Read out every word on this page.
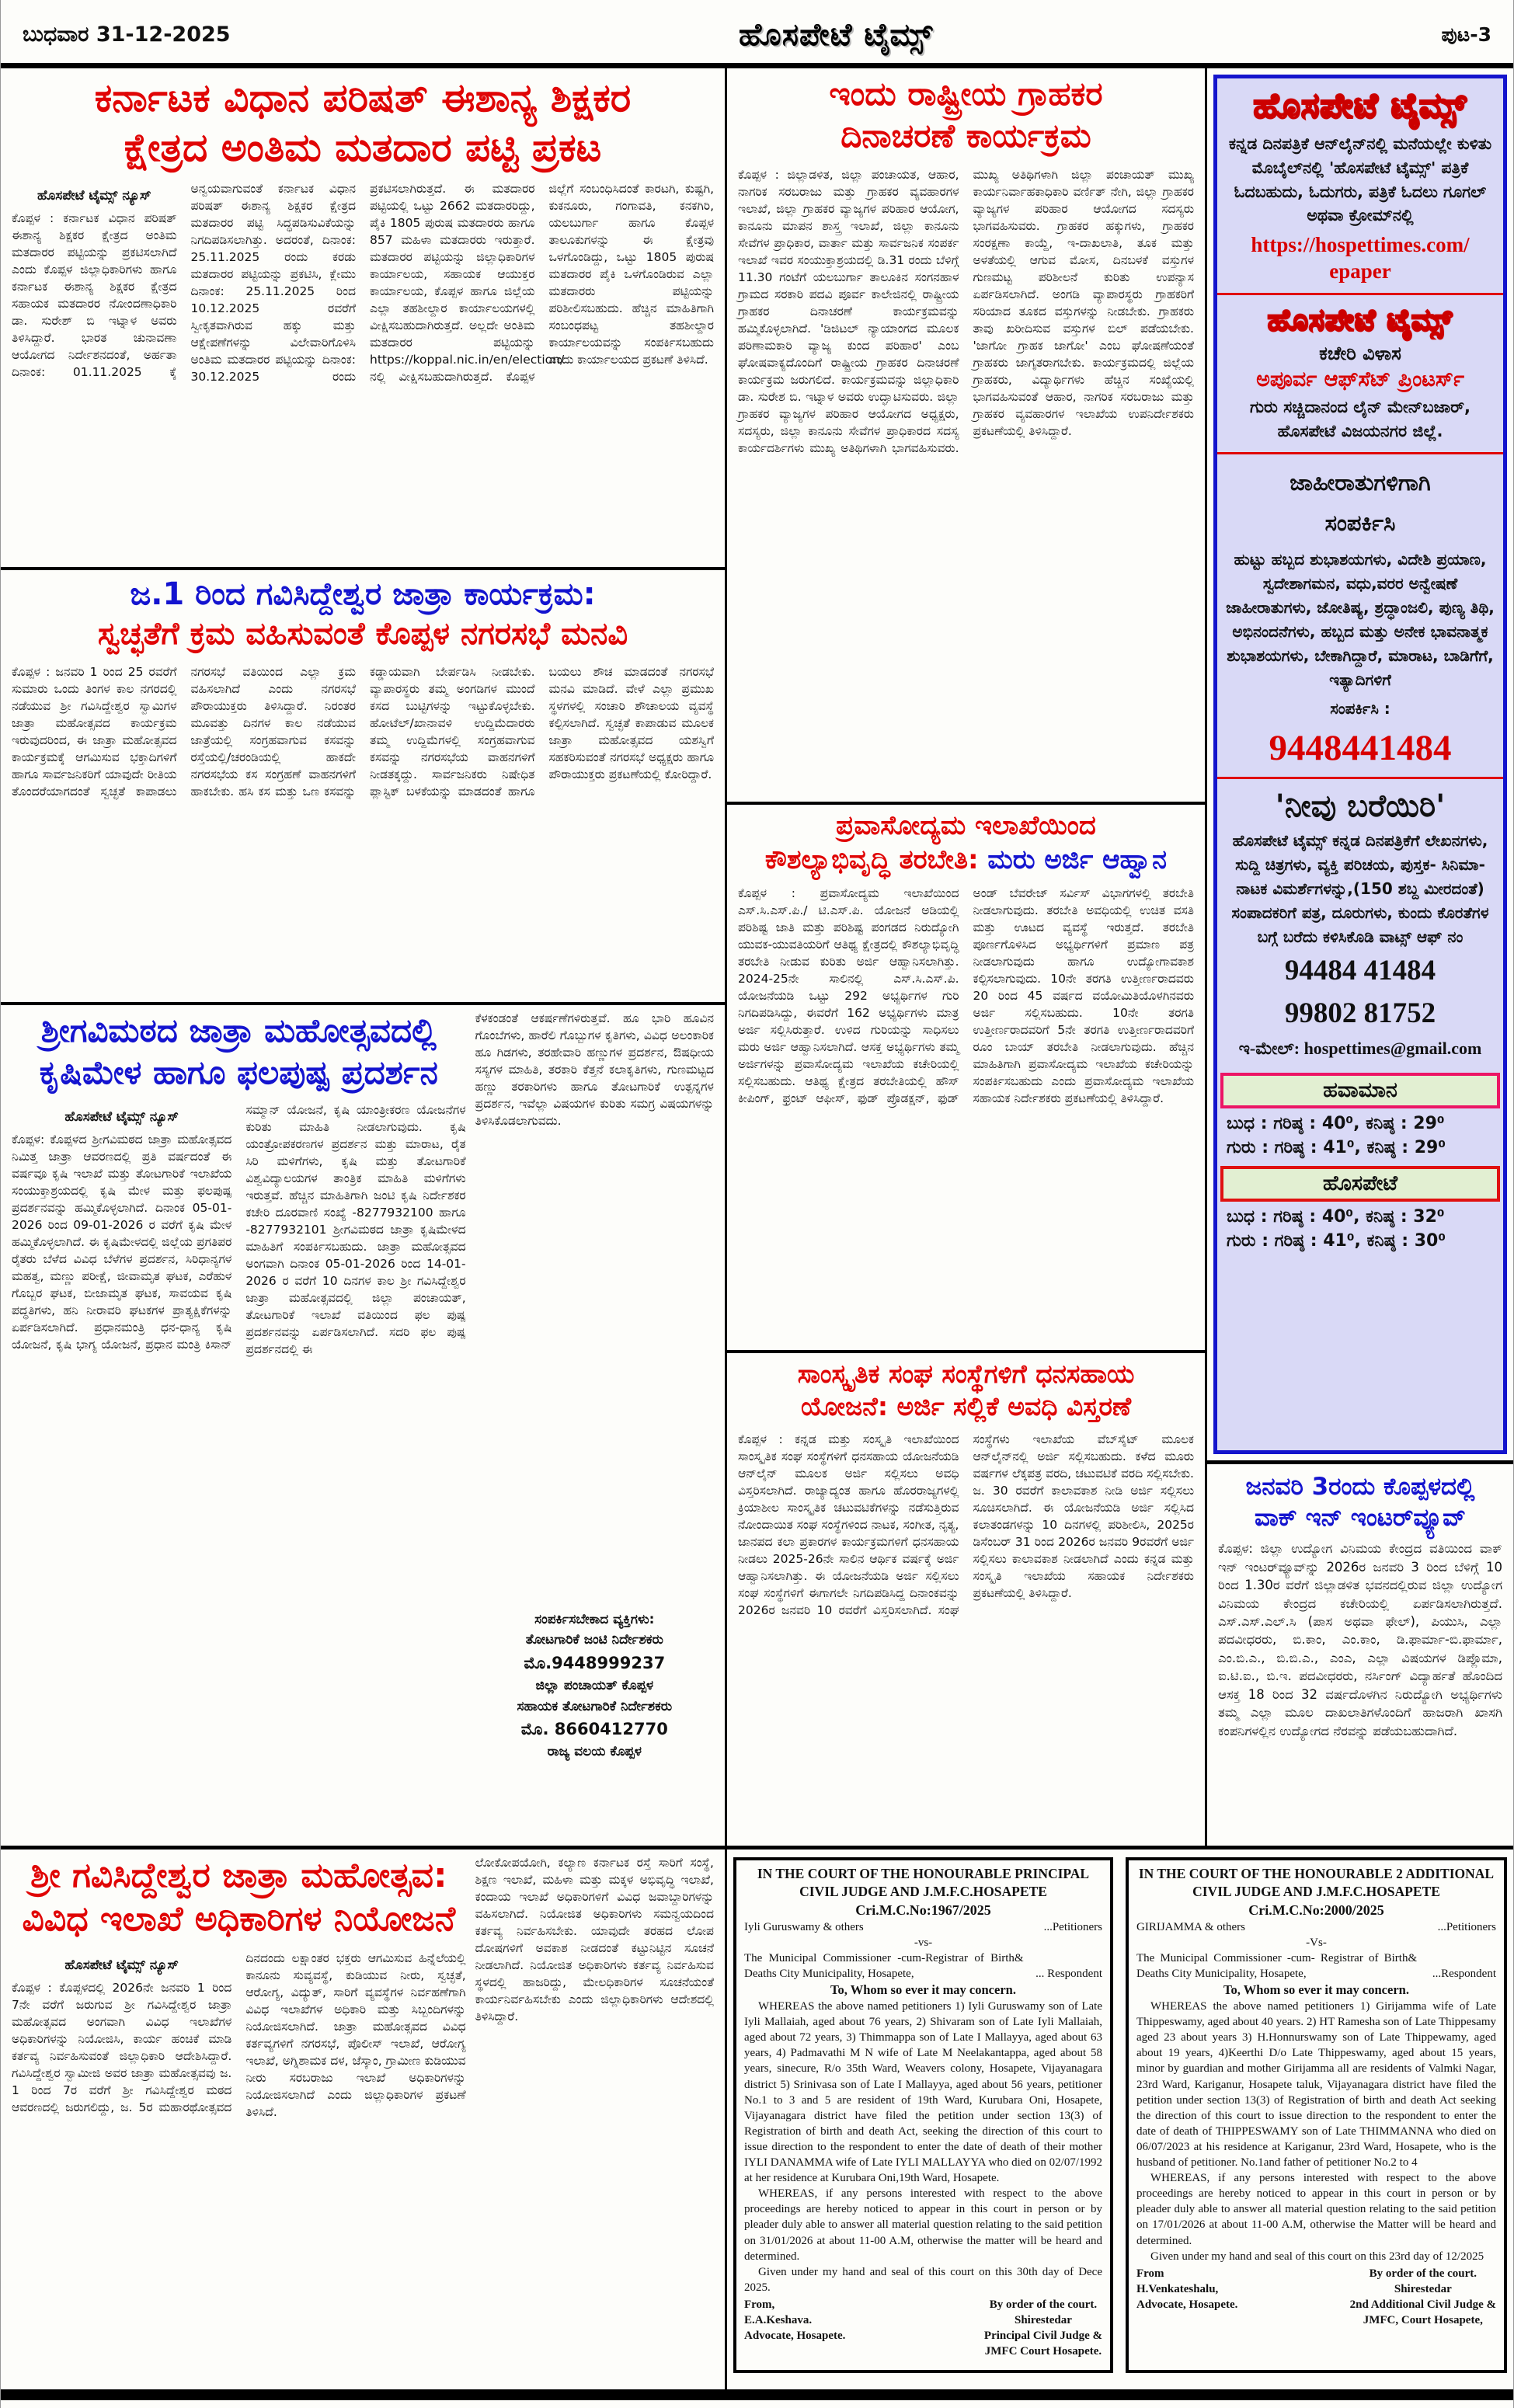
ಬುಧವಾರ 31-12-2025	ಹೊಸಪೇಟೆ ಟೈಮ್ಸ್	ಪುಟ-3
ಕರ್ನಾಟಕ ವಿಧಾನ ಪರಿಷತ್ ಈಶಾನ್ಯ ಶಿಕ್ಷಕರ
ಕ್ಷೇತ್ರದ ಅಂತಿಮ ಮತದಾರ ಪಟ್ಟಿ ಪ್ರಕಟ
ಹೊಸಪೇಟೆ ಟೈಮ್ಸ್ ನ್ಯೂಸ್
ಕೊಪ್ಪಳ : ಕರ್ನಾಟಕ ವಿಧಾನ ಪರಿಷತ್ ಈಶಾನ್ಯ ಶಿಕ್ಷಕರ ಕ್ಷೇತ್ರದ ಅಂತಿಮ ಮತದಾರರ ಪಟ್ಟಿಯನ್ನು ಪ್ರಕಟಿಸಲಾಗಿದೆ ಎಂದು ಕೊಪ್ಪಳ ಜಿಲ್ಲಾಧಿಕಾರಿಗಳು ಹಾಗೂ ಕರ್ನಾಟಕ ಈಶಾನ್ಯ ಶಿಕ್ಷಕರ ಕ್ಷೇತ್ರದ ಸಹಾಯಕ ಮತದಾರರ ನೋಂದಣಾಧಿಕಾರಿ ಡಾ. ಸುರೇಶ್ ಬಿ ಇಟ್ನಾಳ ಅವರು ತಿಳಿಸಿದ್ದಾರೆ. ಭಾರತ ಚುನಾವಣಾ ಆಯೋಗದ ನಿರ್ದೇಶನದಂತೆ, ಅರ್ಹತಾ ದಿನಾಂಕ: 01.11.2025 ಕ್ಕೆ ಅನ್ವಯವಾಗುವಂತೆ ಕರ್ನಾಟಕ ವಿಧಾನ ಪರಿಷತ್ ಈಶಾನ್ಯ ಶಿಕ್ಷಕರ ಕ್ಷೇತ್ರದ ಮತದಾರರ ಪಟ್ಟಿ ಸಿದ್ಧಪಡಿಸುವಿಕೆಯನ್ನು ನಿಗದಿಪಡಿಸಲಾಗಿತ್ತು. ಅದರಂತೆ, ದಿನಾಂಕ: 25.11.2025 ರಂದು ಕರಡು ಮತದಾರರ ಪಟ್ಟಿಯನ್ನು ಪ್ರಕಟಿಸಿ, ಕ್ಲೇಮು ದಿನಾಂಕ: 25.11.2025 ರಿಂದ 10.12.2025 ರವರೆಗೆ ಸ್ವೀಕೃತವಾಗಿರುವ ಹಕ್ಕು ಮತ್ತು ಆಕ್ಷೇಪಣೆಗಳನ್ನು ವಿಲೇವಾರಿಗೊಳಿಸಿ ಅಂತಿಮ ಮತದಾರರ ಪಟ್ಟಿಯನ್ನು ದಿನಾಂಕ: 30.12.2025 ರಂದು ಪ್ರಕಟಿಸಲಾಗಿರುತ್ತದೆ. ಈ ಮತದಾರರ ಪಟ್ಟಿಯಲ್ಲಿ ಒಟ್ಟು 2662 ಮತದಾರರಿದ್ದು, ಪೈಕಿ 1805 ಪುರುಷ ಮತದಾರರು ಹಾಗೂ 857 ಮಹಿಳಾ ಮತದಾರರು ಇರುತ್ತಾರೆ. ಮತದಾರರ ಪಟ್ಟಿಯನ್ನು ಜಿಲ್ಲಾಧಿಕಾರಿಗಳ ಕಾರ್ಯಾಲಯ, ಸಹಾಯಕ ಆಯುಕ್ತರ ಕಾರ್ಯಾಲಯ, ಕೊಪ್ಪಳ ಹಾಗೂ ಜಿಲ್ಲೆಯ ಎಲ್ಲಾ ತಹಶೀಲ್ದಾರ ಕಾರ್ಯಾಲಯಗಳಲ್ಲಿ ವೀಕ್ಷಿಸಬಹುದಾಗಿರುತ್ತದೆ. ಅಲ್ಲದೇ ಅಂತಿಮ ಮತದಾರರ ಪಟ್ಟಿಯನ್ನು https://koppal.nic.in/en/election/ ನಲ್ಲಿ ವೀಕ್ಷಿಸಬಹುದಾಗಿರುತ್ತದೆ. ಕೊಪ್ಪಳ ಜಿಲ್ಲೆಗೆ ಸಂಬಂಧಿಸಿದಂತೆ ಕಾರಟಗಿ, ಕುಷ್ಟಗಿ, ಕುಕನೂರು, ಗಂಗಾವತಿ, ಕನಕಗಿರಿ, ಯಲಬುರ್ಗಾ ಹಾಗೂ ಕೊಪ್ಪಳ ತಾಲೂಕುಗಳನ್ನು ಈ ಕ್ಷೇತ್ರವು ಒಳಗೊಂಡಿದ್ದು, ಒಟ್ಟು 1805 ಪುರುಷ ಮತದಾರರ ಪೈಕಿ ಒಳಗೊಂಡಿರುವ ಎಲ್ಲಾ ಮತದಾರರು ಪಟ್ಟಿಯನ್ನು ಪರಿಶೀಲಿಸಬಹುದು. ಹೆಚ್ಚಿನ ಮಾಹಿತಿಗಾಗಿ ಸಂಬಂಧಪಟ್ಟ ತಹಶೀಲ್ದಾರ ಕಾರ್ಯಾಲಯವನ್ನು ಸಂಪರ್ಕಿಸಬಹುದು ಎಂದು ಕಾರ್ಯಾಲಯದ ಪ್ರಕಟಣೆ ತಿಳಿಸಿದೆ.
ಜ.1 ರಿಂದ ಗವಿಸಿದ್ದೇಶ್ವರ ಜಾತ್ರಾ ಕಾರ್ಯಕ್ರಮ:
ಸ್ವಚ್ಛತೆಗೆ ಕ್ರಮ ವಹಿಸುವಂತೆ ಕೊಪ್ಪಳ ನಗರಸಭೆ ಮನವಿ
ಕೊಪ್ಪಳ : ಜನವರಿ 1 ರಿಂದ 25 ರವರೆಗೆ ಸುಮಾರು ಒಂದು ತಿಂಗಳ ಕಾಲ ನಗರದಲ್ಲಿ ನಡೆಯುವ ಶ್ರೀ ಗವಿಸಿದ್ದೇಶ್ವರ ಸ್ವಾಮಿಗಳ ಜಾತ್ರಾ ಮಹೋತ್ಸವದ ಕಾರ್ಯಕ್ರಮ ಇರುವುದರಿಂದ, ಈ ಜಾತ್ರಾ ಮಹೋತ್ಸವದ ಕಾರ್ಯಕ್ರಮಕ್ಕೆ ಆಗಮಿಸುವ ಭಕ್ತಾದಿಗಳಿಗೆ ಹಾಗೂ ಸಾರ್ವಜನಿಕರಿಗೆ ಯಾವುದೇ ರೀತಿಯ ತೊಂದರೆಯಾಗದಂತೆ ಸ್ವಚ್ಛತೆ ಕಾಪಾಡಲು ನಗರಸಭೆ ವತಿಯಿಂದ ಎಲ್ಲಾ ಕ್ರಮ ವಹಿಸಲಾಗಿದೆ ಎಂದು ನಗರಸಭೆ ಪೌರಾಯುಕ್ತರು ತಿಳಿಸಿದ್ದಾರೆ. ನಿರಂತರ ಮೂವತ್ತು ದಿನಗಳ ಕಾಲ ನಡೆಯುವ ಜಾತ್ರೆಯಲ್ಲಿ ಸಂಗ್ರಹವಾಗುವ ಕಸವನ್ನು ರಸ್ತೆಯಲ್ಲಿ/ಚರಂಡಿಯಲ್ಲಿ ಹಾಕದೇ ನಗರಸಭೆಯ ಕಸ ಸಂಗ್ರಹಣೆ ವಾಹನಗಳಿಗೆ ಹಾಕಬೇಕು. ಹಸಿ ಕಸ ಮತ್ತು ಒಣ ಕಸವನ್ನು ಕಡ್ಡಾಯವಾಗಿ ಬೇರ್ಪಡಿಸಿ ನೀಡಬೇಕು. ವ್ಯಾಪಾರಸ್ಥರು ತಮ್ಮ ಅಂಗಡಿಗಳ ಮುಂದೆ ಕಸದ ಬುಟ್ಟಿಗಳನ್ನು ಇಟ್ಟುಕೊಳ್ಳಬೇಕು. ಹೋಟೆಲ್/ಖಾನಾವಳಿ ಉದ್ದಿಮೆದಾರರು ತಮ್ಮ ಉದ್ದಿಮೆಗಳಲ್ಲಿ ಸಂಗ್ರಹವಾಗುವ ಕಸವನ್ನು ನಗರಸಭೆಯ ವಾಹನಗಳಿಗೆ ನೀಡತಕ್ಕದ್ದು. ಸಾರ್ವಜನಿಕರು ನಿಷೇಧಿತ ಪ್ಲಾಸ್ಟಿಕ್ ಬಳಕೆಯನ್ನು ಮಾಡದಂತೆ ಹಾಗೂ ಬಯಲು ಶೌಚ ಮಾಡದಂತೆ ನಗರಸಭೆ ಮನವಿ ಮಾಡಿದೆ. ವೇಳೆ ಎಲ್ಲಾ ಪ್ರಮುಖ ಸ್ಥಳಗಳಲ್ಲಿ ಸಂಚಾರಿ ಶೌಚಾಲಯ ವ್ಯವಸ್ಥೆ ಕಲ್ಪಿಸಲಾಗಿದೆ. ಸ್ವಚ್ಛತೆ ಕಾಪಾಡುವ ಮೂಲಕ ಜಾತ್ರಾ ಮಹೋತ್ಸವದ ಯಶಸ್ವಿಗೆ ಸಹಕರಿಸುವಂತೆ ನಗರಸಭೆ ಅಧ್ಯಕ್ಷರು ಹಾಗೂ ಪೌರಾಯುಕ್ತರು ಪ್ರಕಟಣೆಯಲ್ಲಿ ಕೋರಿದ್ದಾರೆ.
ಶ್ರೀಗವಿಮಠದ ಜಾತ್ರಾ ಮಹೋತ್ಸವದಲ್ಲಿ
ಕೃಷಿಮೇಳ ಹಾಗೂ ಫಲಪುಷ್ಪ ಪ್ರದರ್ಶನ
ಹೊಸಪೇಟೆ ಟೈಮ್ಸ್ ನ್ಯೂಸ್
ಕೊಪ್ಪಳ: ಕೊಪ್ಪಳದ ಶ್ರೀಗವಿಮಠದ ಜಾತ್ರಾ ಮಹೋತ್ಸವದ ನಿಮಿತ್ತ ಜಾತ್ರಾ ಆವರಣದಲ್ಲಿ ಪ್ರತಿ ವರ್ಷದಂತೆ ಈ ವರ್ಷವೂ ಕೃಷಿ ಇಲಾಖೆ ಮತ್ತು ತೋಟಗಾರಿಕೆ ಇಲಾಖೆಯ ಸಂಯುಕ್ತಾಶ್ರಯದಲ್ಲಿ ಕೃಷಿ ಮೇಳ ಮತ್ತು ಫಲಪುಷ್ಪ ಪ್ರದರ್ಶನವನ್ನು ಹಮ್ಮಿಕೊಳ್ಳಲಾಗಿದೆ. ದಿನಾಂಕ 05-01-2026 ರಿಂದ 09-01-2026 ರ ವರೆಗೆ ಕೃಷಿ ಮೇಳ ಹಮ್ಮಿಕೊಳ್ಳಲಾಗಿದೆ. ಈ ಕೃಷಿಮೇಳದಲ್ಲಿ ಜಿಲ್ಲೆಯ ಪ್ರಗತಿಪರ ರೈತರು ಬೆಳೆದ ವಿವಿಧ ಬೆಳೆಗಳ ಪ್ರದರ್ಶನ, ಸಿರಿಧಾನ್ಯಗಳ ಮಹತ್ವ, ಮಣ್ಣು ಪರೀಕ್ಷೆ, ಜೀವಾಮೃತ ಘಟಕ, ಎರೆಹುಳ ಗೊಬ್ಬರ ಘಟಕ, ಬೀಜಾಮೃತ ಘಟಕ, ಸಾವಯವ ಕೃಷಿ ಪದ್ಧತಿಗಳು, ಹನಿ ನೀರಾವರಿ ಘಟಕಗಳ ಪ್ರಾತ್ಯಕ್ಷಿಕೆಗಳನ್ನು ಏರ್ಪಡಿಸಲಾಗಿದೆ. ಪ್ರಧಾನಮಂತ್ರಿ ಧನ-ಧಾನ್ಯ ಕೃಷಿ ಯೋಜನೆ, ಕೃಷಿ ಭಾಗ್ಯ ಯೋಜನೆ, ಪ್ರಧಾನ ಮಂತ್ರಿ ಕಿಸಾನ್ ಸಮ್ಮಾನ್ ಯೋಜನೆ, ಕೃಷಿ ಯಾಂತ್ರೀಕರಣ ಯೋಜನೆಗಳ ಕುರಿತು ಮಾಹಿತಿ ನೀಡಲಾಗುವುದು. ಕೃಷಿ ಯಂತ್ರೋಪಕರಣಗಳ ಪ್ರದರ್ಶನ ಮತ್ತು ಮಾರಾಟ, ರೈತ ಸಿರಿ ಮಳಿಗೆಗಳು, ಕೃಷಿ ಮತ್ತು ತೋಟಗಾರಿಕೆ ವಿಶ್ವವಿದ್ಯಾಲಯಗಳ ತಾಂತ್ರಿಕ ಮಾಹಿತಿ ಮಳಿಗೆಗಳು ಇರುತ್ತವೆ. ಹೆಚ್ಚಿನ ಮಾಹಿತಿಗಾಗಿ ಜಂಟಿ ಕೃಷಿ ನಿರ್ದೇಶಕರ ಕಚೇರಿ ದೂರವಾಣಿ ಸಂಖ್ಯೆ -8277932100 ಹಾಗೂ -8277932101 ಶ್ರೀಗವಿಮಠದ ಜಾತ್ರಾ ಕೃಷಿಮೇಳದ ಮಾಹಿತಿಗೆ ಸಂಪರ್ಕಿಸಬಹುದು. ಜಾತ್ರಾ ಮಹೋತ್ಸವದ ಅಂಗವಾಗಿ ದಿನಾಂಕ 05-01-2026 ರಿಂದ 14-01-2026 ರ ವರೆಗೆ 10 ದಿನಗಳ ಕಾಲ ಶ್ರೀ ಗವಿಸಿದ್ದೇಶ್ವರ ಜಾತ್ರಾ ಮಹೋತ್ಸವದಲ್ಲಿ ಜಿಲ್ಲಾ ಪಂಚಾಯತ್, ತೋಟಗಾರಿಕೆ ಇಲಾಖೆ ವತಿಯಿಂದ ಫಲ ಪುಷ್ಪ ಪ್ರದರ್ಶನವನ್ನು ಏರ್ಪಡಿಸಲಾಗಿದೆ. ಸದರಿ ಫಲ ಪುಷ್ಪ ಪ್ರದರ್ಶನದಲ್ಲಿ ಈ
ಕೆಳಕಂಡಂತೆ ಆಕರ್ಷಣೆಗಳಿರುತ್ತವೆ. ಹೂ ಭಾರಿ ಹೂವಿನ ಗೊಂಬೆಗಳು, ಹಾರೆಲಿ ಗೊಬ್ಬುಗಳ ಕೃತಿಗಳು, ವಿವಿಧ ಅಲಂಕಾರಿಕ ಹೂ ಗಿಡಗಳು, ತರಹೇವಾರಿ ಹಣ್ಣುಗಳ ಪ್ರದರ್ಶನ, ಔಷಧೀಯ ಸಸ್ಯಗಳ ಮಾಹಿತಿ, ತರಕಾರಿ ಕೆತ್ತನೆ ಕಲಾಕೃತಿಗಳು, ಗುಣಮಟ್ಟದ ಹಣ್ಣು ತರಕಾರಿಗಳು ಹಾಗೂ ತೋಟಗಾರಿಕೆ ಉತ್ಪನ್ನಗಳ ಪ್ರದರ್ಶನ, ಇವೆಲ್ಲಾ ವಿಷಯಗಳ ಕುರಿತು ಸಮಗ್ರ ವಿಷಯಗಳನ್ನು ತಿಳಿಸಿಕೊಡಲಾಗುವದು.
ಸಂಪರ್ಕಿಸಬೇಕಾದ ವ್ಯಕ್ತಿಗಳು:
ತೋಟಗಾರಿಕೆ ಜಂಟಿ ನಿರ್ದೇಶಕರು
ಮೊ.9448999237
ಜಿಲ್ಲಾ ಪಂಚಾಯತ್ ಕೊಪ್ಪಳ
ಸಹಾಯಕ ತೋಟಗಾರಿಕೆ ನಿರ್ದೇಶಕರು
ಮೊ. 8660412770
ರಾಜ್ಯ ವಲಯ ಕೊಪ್ಪಳ
ಇಂದು ರಾಷ್ಟ್ರೀಯ ಗ್ರಾಹಕರ
ದಿನಾಚರಣೆ ಕಾರ್ಯಕ್ರಮ
ಕೊಪ್ಪಳ : ಜಿಲ್ಲಾಡಳಿತ, ಜಿಲ್ಲಾ ಪಂಚಾಯತ, ಆಹಾರ, ನಾಗರಿಕ ಸರಬರಾಜು ಮತ್ತು ಗ್ರಾಹಕರ ವ್ಯವಹಾರಗಳ ಇಲಾಖೆ, ಜಿಲ್ಲಾ ಗ್ರಾಹಕರ ವ್ಯಾಜ್ಯಗಳ ಪರಿಹಾರ ಆಯೋಗ, ಕಾನೂನು ಮಾಪನ ಶಾಸ್ತ್ರ ಇಲಾಖೆ, ಜಿಲ್ಲಾ ಕಾನೂನು ಸೇವೆಗಳ ಪ್ರಾಧಿಕಾರ, ವಾರ್ತಾ ಮತ್ತು ಸಾರ್ವಜನಿಕ ಸಂಪರ್ಕ ಇಲಾಖೆ ಇವರ ಸಂಯುಕ್ತಾಶ್ರಯದಲ್ಲಿ ಡಿ.31 ರಂದು ಬೆಳಿಗ್ಗೆ 11.30 ಗಂಟೆಗೆ ಯಲಬುರ್ಗಾ ತಾಲೂಕಿನ ಸಂಗನಹಾಳ ಗ್ರಾಮದ ಸರಕಾರಿ ಪದವಿ ಪೂರ್ವ ಕಾಲೇಜಿನಲ್ಲಿ ರಾಷ್ಟ್ರೀಯ ಗ್ರಾಹಕರ ದಿನಾಚರಣೆ ಕಾರ್ಯಕ್ರಮವನ್ನು ಹಮ್ಮಿಕೊಳ್ಳಲಾಗಿದೆ. 'ಡಿಜಿಟಲ್ ನ್ಯಾಯಾಂಗದ ಮೂಲಕ ಪರಿಣಾಮಕಾರಿ ವ್ಯಾಜ್ಯ ಕುಂದ ಪರಿಹಾರ' ಎಂಬ ಘೋಷವಾಕ್ಯದೊಂದಿಗೆ ರಾಷ್ಟ್ರೀಯ ಗ್ರಾಹಕರ ದಿನಾಚರಣೆ ಕಾರ್ಯಕ್ರಮ ಜರುಗಲಿದೆ. ಕಾರ್ಯಕ್ರಮವನ್ನು ಜಿಲ್ಲಾಧಿಕಾರಿ ಡಾ. ಸುರೇಶ ಬಿ. ಇಟ್ನಾಳ ಅವರು ಉದ್ಘಾಟಿಸುವರು. ಜಿಲ್ಲಾ ಗ್ರಾಹಕರ ವ್ಯಾಜ್ಯಗಳ ಪರಿಹಾರ ಆಯೋಗದ ಅಧ್ಯಕ್ಷರು, ಸದಸ್ಯರು, ಜಿಲ್ಲಾ ಕಾನೂನು ಸೇವೆಗಳ ಪ್ರಾಧಿಕಾರದ ಸದಸ್ಯ ಕಾರ್ಯದರ್ಶಿಗಳು ಮುಖ್ಯ ಅತಿಥಿಗಳಾಗಿ ಭಾಗವಹಿಸುವರು. ಮುಖ್ಯ ಅತಿಥಿಗಳಾಗಿ ಜಿಲ್ಲಾ ಪಂಚಾಯತ್ ಮುಖ್ಯ ಕಾರ್ಯನಿರ್ವಾಹಕಾಧಿಕಾರಿ ವರ್ಣಿತ್ ನೇಗಿ, ಜಿಲ್ಲಾ ಗ್ರಾಹಕರ ವ್ಯಾಜ್ಯಗಳ ಪರಿಹಾರ ಆಯೋಗದ ಸದಸ್ಯರು ಭಾಗವಹಿಸುವರು. ಗ್ರಾಹಕರ ಹಕ್ಕುಗಳು, ಗ್ರಾಹಕರ ಸಂರಕ್ಷಣಾ ಕಾಯ್ದೆ, ಇ-ದಾಖಲಾತಿ, ತೂಕ ಮತ್ತು ಅಳತೆಯಲ್ಲಿ ಆಗುವ ಮೋಸ, ದಿನಬಳಕೆ ವಸ್ತುಗಳ ಗುಣಮಟ್ಟ ಪರಿಶೀಲನೆ ಕುರಿತು ಉಪನ್ಯಾಸ ಏರ್ಪಡಿಸಲಾಗಿದೆ. ಅಂಗಡಿ ವ್ಯಾಪಾರಸ್ಥರು ಗ್ರಾಹಕರಿಗೆ ಸರಿಯಾದ ತೂಕದ ವಸ್ತುಗಳನ್ನು ನೀಡಬೇಕು. ಗ್ರಾಹಕರು ತಾವು ಖರೀದಿಸುವ ವಸ್ತುಗಳ ಬಿಲ್ ಪಡೆಯಬೇಕು. 'ಜಾಗೋ ಗ್ರಾಹಕ ಜಾಗೋ' ಎಂಬ ಘೋಷಣೆಯಂತೆ ಗ್ರಾಹಕರು ಜಾಗೃತರಾಗಬೇಕು. ಕಾರ್ಯಕ್ರಮದಲ್ಲಿ ಜಿಲ್ಲೆಯ ಗ್ರಾಹಕರು, ವಿದ್ಯಾರ್ಥಿಗಳು ಹೆಚ್ಚಿನ ಸಂಖ್ಯೆಯಲ್ಲಿ ಭಾಗವಹಿಸುವಂತೆ ಆಹಾರ, ನಾಗರಿಕ ಸರಬರಾಜು ಮತ್ತು ಗ್ರಾಹಕರ ವ್ಯವಹಾರಗಳ ಇಲಾಖೆಯ ಉಪನಿರ್ದೇಶಕರು ಪ್ರಕಟಣೆಯಲ್ಲಿ ತಿಳಿಸಿದ್ದಾರೆ.
ಪ್ರವಾಸೋದ್ಯಮ ಇಲಾಖೆಯಿಂದ
ಕೌಶಲ್ಯಾಭಿವೃದ್ಧಿ ತರಬೇತಿ: ಮರು ಅರ್ಜಿ ಆಹ್ವಾನ
ಕೊಪ್ಪಳ : ಪ್ರವಾಸೋದ್ಯಮ ಇಲಾಖೆಯಿಂದ ಎಸ್.ಸಿ.ಎಸ್.ಪಿ./ ಟಿ.ಎಸ್.ಪಿ. ಯೋಜನೆ ಅಡಿಯಲ್ಲಿ ಪರಿಶಿಷ್ಟ ಜಾತಿ ಮತ್ತು ಪರಿಶಿಷ್ಟ ಪಂಗಡದ ನಿರುದ್ಯೋಗಿ ಯುವಕ-ಯುವತಿಯರಿಗೆ ಆತಿಥ್ಯ ಕ್ಷೇತ್ರದಲ್ಲಿ ಕೌಶಲ್ಯಾಭಿವೃದ್ಧಿ ತರಬೇತಿ ನೀಡುವ ಕುರಿತು ಅರ್ಜಿ ಆಹ್ವಾನಿಸಲಾಗಿತ್ತು. 2024-25ನೇ ಸಾಲಿನಲ್ಲಿ ಎಸ್.ಸಿ.ಎಸ್.ಪಿ. ಯೋಜನೆಯಡಿ ಒಟ್ಟು 292 ಅಭ್ಯರ್ಥಿಗಳ ಗುರಿ ನಿಗದಿಪಡಿಸಿದ್ದು, ಈವರೆಗೆ 162 ಅಭ್ಯರ್ಥಿಗಳು ಮಾತ್ರ ಅರ್ಜಿ ಸಲ್ಲಿಸಿರುತ್ತಾರೆ. ಉಳಿದ ಗುರಿಯನ್ನು ಸಾಧಿಸಲು ಮರು ಅರ್ಜಿ ಆಹ್ವಾನಿಸಲಾಗಿದೆ. ಆಸಕ್ತ ಅಭ್ಯರ್ಥಿಗಳು ತಮ್ಮ ಅರ್ಜಿಗಳನ್ನು ಪ್ರವಾಸೋದ್ಯಮ ಇಲಾಖೆಯ ಕಚೇರಿಯಲ್ಲಿ ಸಲ್ಲಿಸಬಹುದು. ಆತಿಥ್ಯ ಕ್ಷೇತ್ರದ ತರಬೇತಿಯಲ್ಲಿ ಹೌಸ್ ಕೀಪಿಂಗ್, ಫ್ರಂಟ್ ಆಫೀಸ್, ಫುಡ್ ಪ್ರೊಡಕ್ಷನ್, ಫುಡ್ ಅಂಡ್ ಬೆವರೇಜ್ ಸರ್ವಿಸ್ ವಿಭಾಗಗಳಲ್ಲಿ ತರಬೇತಿ ನೀಡಲಾಗುವುದು. ತರಬೇತಿ ಅವಧಿಯಲ್ಲಿ ಉಚಿತ ವಸತಿ ಮತ್ತು ಊಟದ ವ್ಯವಸ್ಥೆ ಇರುತ್ತದೆ. ತರಬೇತಿ ಪೂರ್ಣಗೊಳಿಸಿದ ಅಭ್ಯರ್ಥಿಗಳಿಗೆ ಪ್ರಮಾಣ ಪತ್ರ ನೀಡಲಾಗುವುದು ಹಾಗೂ ಉದ್ಯೋಗಾವಕಾಶ ಕಲ್ಪಿಸಲಾಗುವುದು. 10ನೇ ತರಗತಿ ಉತ್ತೀರ್ಣರಾದವರು 20 ರಿಂದ 45 ವರ್ಷದ ವಯೋಮಿತಿಯೊಳಗಿನವರು ಅರ್ಜಿ ಸಲ್ಲಿಸಬಹುದು. 10ನೇ ತರಗತಿ ಉತ್ತೀರ್ಣರಾದವರಿಗೆ 5ನೇ ತರಗತಿ ಉತ್ತೀರ್ಣರಾದವರಿಗೆ ರೂಂ ಬಾಯ್ ತರಬೇತಿ ನೀಡಲಾಗುವುದು. ಹೆಚ್ಚಿನ ಮಾಹಿತಿಗಾಗಿ ಪ್ರವಾಸೋದ್ಯಮ ಇಲಾಖೆಯ ಕಚೇರಿಯನ್ನು ಸಂಪರ್ಕಿಸಬಹುದು ಎಂದು ಪ್ರವಾಸೋದ್ಯಮ ಇಲಾಖೆಯ ಸಹಾಯಕ ನಿರ್ದೇಶಕರು ಪ್ರಕಟಣೆಯಲ್ಲಿ ತಿಳಿಸಿದ್ದಾರೆ.
ಸಾಂಸ್ಕೃತಿಕ ಸಂಘ ಸಂಸ್ಥೆಗಳಿಗೆ ಧನಸಹಾಯ
ಯೋಜನೆ: ಅರ್ಜಿ ಸಲ್ಲಿಕೆ ಅವಧಿ ವಿಸ್ತರಣೆ
ಕೊಪ್ಪಳ : ಕನ್ನಡ ಮತ್ತು ಸಂಸ್ಕೃತಿ ಇಲಾಖೆಯಿಂದ ಸಾಂಸ್ಕೃತಿಕ ಸಂಘ ಸಂಸ್ಥೆಗಳಿಗೆ ಧನಸಹಾಯ ಯೋಜನೆಯಡಿ ಆನ್‌ಲೈನ್ ಮೂಲಕ ಅರ್ಜಿ ಸಲ್ಲಿಸಲು ಅವಧಿ ವಿಸ್ತರಿಸಲಾಗಿದೆ. ರಾಜ್ಯಾದ್ಯಂತ ಹಾಗೂ ಹೊರರಾಜ್ಯಗಳಲ್ಲಿ ಕ್ರಿಯಾಶೀಲ ಸಾಂಸ್ಕೃತಿಕ ಚಟುವಟಿಕೆಗಳನ್ನು ನಡೆಸುತ್ತಿರುವ ನೋಂದಾಯಿತ ಸಂಘ ಸಂಸ್ಥೆಗಳಿಂದ ನಾಟಕ, ಸಂಗೀತ, ನೃತ್ಯ, ಜಾನಪದ ಕಲಾ ಪ್ರಕಾರಗಳ ಕಾರ್ಯಕ್ರಮಗಳಿಗೆ ಧನಸಹಾಯ ನೀಡಲು 2025-26ನೇ ಸಾಲಿನ ಆರ್ಥಿಕ ವರ್ಷಕ್ಕೆ ಅರ್ಜಿ ಆಹ್ವಾನಿಸಲಾಗಿತ್ತು. ಈ ಯೋಜನೆಯಡಿ ಅರ್ಜಿ ಸಲ್ಲಿಸಲು ಸಂಘ ಸಂಸ್ಥೆಗಳಿಗೆ ಈಗಾಗಲೇ ನಿಗದಿಪಡಿಸಿದ್ದ ದಿನಾಂಕವನ್ನು 2026ರ ಜನವರಿ 10 ರವರೆಗೆ ವಿಸ್ತರಿಸಲಾಗಿದೆ. ಸಂಘ ಸಂಸ್ಥೆಗಳು ಇಲಾಖೆಯ ವೆಬ್‌ಸೈಟ್ ಮೂಲಕ ಆನ್‌ಲೈನ್‌ನಲ್ಲಿ ಅರ್ಜಿ ಸಲ್ಲಿಸಬಹುದು. ಕಳೆದ ಮೂರು ವರ್ಷಗಳ ಲೆಕ್ಕಪತ್ರ ವರದಿ, ಚಟುವಟಿಕೆ ವರದಿ ಸಲ್ಲಿಸಬೇಕು. ಜ. 30 ರವರೆಗೆ ಕಾಲಾವಕಾಶ ನೀಡಿ ಅರ್ಜಿ ಸಲ್ಲಿಸಲು ಸೂಚಿಸಲಾಗಿದೆ. ಈ ಯೋಜನೆಯಡಿ ಅರ್ಜಿ ಸಲ್ಲಿಸಿದ ಕಲಾತಂಡಗಳನ್ನು 10 ದಿನಗಳಲ್ಲಿ ಪರಿಶೀಲಿಸಿ, 2025ರ ಡಿಸೆಂಬರ್ 31 ರಿಂದ 2026ರ ಜನವರಿ 9ರವರೆಗೆ ಅರ್ಜಿ ಸಲ್ಲಿಸಲು ಕಾಲಾವಕಾಶ ನೀಡಲಾಗಿದೆ ಎಂದು ಕನ್ನಡ ಮತ್ತು ಸಂಸ್ಕೃತಿ ಇಲಾಖೆಯ ಸಹಾಯಕ ನಿರ್ದೇಶಕರು ಪ್ರಕಟಣೆಯಲ್ಲಿ ತಿಳಿಸಿದ್ದಾರೆ.
ಹೊಸಪೇಟೆ ಟೈಮ್ಸ್
ಕನ್ನಡ ದಿನಪತ್ರಿಕೆ ಆನ್‌ಲೈನ್‌ನಲ್ಲಿ ಮನೆಯಲ್ಲೇ ಕುಳಿತು ಮೊಬೈಲ್‌ನಲ್ಲಿ 'ಹೊಸಪೇಟೆ ಟೈಮ್ಸ್' ಪತ್ರಿಕೆ ಓದಬಹುದು, ಓದುಗರು, ಪತ್ರಿಕೆ ಓದಲು ಗೂಗಲ್ ಅಥವಾ ಕ್ರೋಮ್‌ನಲ್ಲಿ
https://hospettimes.com/
epaper
ಹೊಸಪೇಟೆ ಟೈಮ್ಸ್
ಕಚೇರಿ ವಿಳಾಸ
ಅಪೂರ್ವ ಆಫ್‌ಸೆಟ್ ಪ್ರಿಂಟರ್ಸ್
ಗುರು ಸಚ್ಚಿದಾನಂದ ಲೈನ್ ಮೇನ್‌ಬಜಾರ್, ಹೊಸಪೇಟೆ ವಿಜಯನಗರ ಜಿಲ್ಲೆ.
ಜಾಹೀರಾತುಗಳಿಗಾಗಿ
ಸಂಪರ್ಕಿಸಿ
ಹುಟ್ಟು ಹಬ್ಬದ ಶುಭಾಶಯಗಳು, ವಿದೇಶಿ ಪ್ರಯಾಣ, ಸ್ವದೇಶಾಗಮನ, ವಧು,ವರರ ಅನ್ವೇಷಣೆ ಜಾಹೀರಾತುಗಳು, ಜೋತಿಷ್ಯ, ಶ್ರದ್ಧಾಂಜಲಿ, ಪುಣ್ಯ ತಿಥಿ, ಅಭಿನಂದನೆಗಳು, ಹಬ್ಬದ ಮತ್ತು ಅನೇಕ ಭಾವನಾತ್ಮಕ ಶುಭಾಶಯಗಳು, ಬೇಕಾಗಿದ್ದಾರೆ, ಮಾರಾಟ, ಬಾಡಿಗೆಗೆ, ಇತ್ಯಾದಿಗಳಿಗೆ
ಸಂಪರ್ಕಿಸಿ :
9448441484
'ನೀವು ಬರೆಯಿರಿ'
ಹೊಸಪೇಟೆ ಟೈಮ್ಸ್ ಕನ್ನಡ ದಿನಪತ್ರಿಕೆಗೆ ಲೇಖನಗಳು, ಸುದ್ದಿ ಚಿತ್ರಗಳು, ವ್ಯಕ್ತಿ ಪರಿಚಯ, ಪುಸ್ತಕ- ಸಿನಿಮಾ-ನಾಟಕ ವಿಮರ್ಶೆಗಳನ್ನು,(150 ಶಬ್ದ ಮೀರದಂತೆ) ಸಂಪಾದಕರಿಗೆ ಪತ್ರ, ದೂರುಗಳು, ಕುಂದು ಕೊರತೆಗಳ ಬಗ್ಗೆ ಬರೆದು ಕಳಿಸಿಕೊಡಿ ವಾಟ್ಸ್ ಆಫ್ ನಂ
94484 41484
99802 81752
ಇ-ಮೇಲ್: hospettimes@gmail.com
ಹವಾಮಾನ
ಬುಧ : ಗರಿಷ್ಠ : 40⁰, ಕನಿಷ್ಠ : 29⁰
ಗುರು : ಗರಿಷ್ಠ : 41⁰, ಕನಿಷ್ಠ : 29⁰
ಹೊಸಪೇಟೆ
ಬುಧ : ಗರಿಷ್ಠ : 40⁰, ಕನಿಷ್ಠ : 32⁰
ಗುರು : ಗರಿಷ್ಠ : 41⁰, ಕನಿಷ್ಠ : 30⁰
ಜನವರಿ 3ರಂದು ಕೊಪ್ಪಳದಲ್ಲಿ
ವಾಕ್ ಇನ್ ಇಂಟರ್‌ವ್ಯೂವ್
ಕೊಪ್ಪಳ: ಜಿಲ್ಲಾ ಉದ್ಯೋಗ ವಿನಿಮಯ ಕೇಂದ್ರದ ವತಿಯಿಂದ ವಾಕ್ ಇನ್ ಇಂಟರ್‌ವ್ಯೂವ್‌ನ್ನು 2026ರ ಜನವರಿ 3 ರಿಂದ ಬೆಳಿಗ್ಗೆ 10 ರಿಂದ 1.30ರ ವರೆಗೆ ಜಿಲ್ಲಾಡಳಿತ ಭವನದಲ್ಲಿರುವ ಜಿಲ್ಲಾ ಉದ್ಯೋಗ ವಿನಿಮಯ ಕೇಂದ್ರದ ಕಚೇರಿಯಲ್ಲಿ ಏರ್ಪಡಿಸಲಾಗಿರುತ್ತದೆ. ಎಸ್.ಎಸ್.ಎಲ್.ಸಿ (ಪಾಸ ಅಥವಾ ಫೇಲ್), ಪಿಯುಸಿ, ಎಲ್ಲಾ ಪದವೀಧರರು, ಬಿ.ಕಾಂ, ಎಂ.ಕಾಂ, ಡಿ.ಫಾರ್ಮಾ-ಬಿ.ಫಾರ್ಮಾ, ಎಂ.ಬಿ.ಎ., ಬಿ.ಬಿ.ಎ., ಎಂಎ, ಎಲ್ಲಾ ವಿಷಯಗಳ ಡಿಪ್ಲೊಮಾ, ಐ.ಟಿ.ಐ., ಬಿ.ಇ. ಪದವೀಧರರು, ನರ್ಸಿಂಗ್ ವಿದ್ಯಾರ್ಹತೆ ಹೊಂದಿದ ಆಸಕ್ತ 18 ರಿಂದ 32 ವರ್ಷದೊಳಗಿನ ನಿರುದ್ಯೋಗಿ ಅಭ್ಯರ್ಥಿಗಳು ತಮ್ಮ ಎಲ್ಲಾ ಮೂಲ ದಾಖಲಾತಿಗಳೊಂದಿಗೆ ಹಾಜರಾಗಿ ಖಾಸಗಿ ಕಂಪನಿಗಳಲ್ಲಿನ ಉದ್ಯೋಗದ ನೆರವನ್ನು ಪಡೆಯಬಹುದಾಗಿದೆ.
ಶ್ರೀ ಗವಿಸಿದ್ದೇಶ್ವರ ಜಾತ್ರಾ ಮಹೋತ್ಸವ:
ವಿವಿಧ ಇಲಾಖೆ ಅಧಿಕಾರಿಗಳ ನಿಯೋಜನೆ
ಹೊಸಪೇಟೆ ಟೈಮ್ಸ್ ನ್ಯೂಸ್
ಕೊಪ್ಪಳ : ಕೊಪ್ಪಳದಲ್ಲಿ 2026ನೇ ಜನವರಿ 1 ರಿಂದ 7ನೇ ವರೆಗೆ ಜರುಗುವ ಶ್ರೀ ಗವಿಸಿದ್ದೇಶ್ವರ ಜಾತ್ರಾ ಮಹೋತ್ಸವದ ಅಂಗವಾಗಿ ವಿವಿಧ ಇಲಾಖೆಗಳ ಅಧಿಕಾರಿಗಳನ್ನು ನಿಯೋಜಿಸಿ, ಕಾರ್ಯ ಹಂಚಿಕೆ ಮಾಡಿ ಕರ್ತವ್ಯ ನಿರ್ವಹಿಸುವಂತೆ ಜಿಲ್ಲಾಧಿಕಾರಿ ಆದೇಶಿಸಿದ್ದಾರೆ. ಗವಿಸಿದ್ದೇಶ್ವರ ಸ್ವಾಮೀಜಿ ಅವರ ಜಾತ್ರಾ ಮಹೋತ್ಸವವು ಜ. 1 ರಿಂದ 7ರ ವರೆಗೆ ಶ್ರೀ ಗವಿಸಿದ್ದೇಶ್ವರ ಮಠದ ಆವರಣದಲ್ಲಿ ಜರುಗಲಿದ್ದು, ಜ. 5ರ ಮಹಾರಥೋತ್ಸವದ ದಿನದಂದು ಲಕ್ಷಾಂತರ ಭಕ್ತರು ಆಗಮಿಸುವ ಹಿನ್ನೆಲೆಯಲ್ಲಿ ಕಾನೂನು ಸುವ್ಯವಸ್ಥೆ, ಕುಡಿಯುವ ನೀರು, ಸ್ವಚ್ಛತೆ, ಆರೋಗ್ಯ, ವಿದ್ಯುತ್, ಸಾರಿಗೆ ವ್ಯವಸ್ಥೆಗಳ ನಿರ್ವಹಣೆಗಾಗಿ ವಿವಿಧ ಇಲಾಖೆಗಳ ಅಧಿಕಾರಿ ಮತ್ತು ಸಿಬ್ಬಂದಿಗಳನ್ನು ನಿಯೋಜಿಸಲಾಗಿದೆ. ಜಾತ್ರಾ ಮಹೋತ್ಸವದ ವಿವಿಧ ಕರ್ತವ್ಯಗಳಿಗೆ ನಗರಸಭೆ, ಪೊಲೀಸ್ ಇಲಾಖೆ, ಆರೋಗ್ಯ ಇಲಾಖೆ, ಅಗ್ನಿಶಾಮಕ ದಳ, ಜೆಸ್ಕಾಂ, ಗ್ರಾಮೀಣ ಕುಡಿಯುವ ನೀರು ಸರಬರಾಜು ಇಲಾಖೆ ಅಧಿಕಾರಿಗಳನ್ನು ನಿಯೋಜಿಸಲಾಗಿದೆ ಎಂದು ಜಿಲ್ಲಾಧಿಕಾರಿಗಳ ಪ್ರಕಟಣೆ ತಿಳಿಸಿದೆ.
ಲೋಕೋಪಯೋಗಿ, ಕಲ್ಯಾಣ ಕರ್ನಾಟಕ ರಸ್ತೆ ಸಾರಿಗೆ ಸಂಸ್ಥೆ, ಶಿಕ್ಷಣ ಇಲಾಖೆ, ಮಹಿಳಾ ಮತ್ತು ಮಕ್ಕಳ ಅಭಿವೃದ್ಧಿ ಇಲಾಖೆ, ಕಂದಾಯ ಇಲಾಖೆ ಅಧಿಕಾರಿಗಳಿಗೆ ವಿವಿಧ ಜವಾಬ್ದಾರಿಗಳನ್ನು ವಹಿಸಲಾಗಿದೆ. ನಿಯೋಜಿತ ಅಧಿಕಾರಿಗಳು ಸಮನ್ವಯದಿಂದ ಕರ್ತವ್ಯ ನಿರ್ವಹಿಸಬೇಕು. ಯಾವುದೇ ತರಹದ ಲೋಪ ದೋಷಗಳಿಗೆ ಅವಕಾಶ ನೀಡದಂತೆ ಕಟ್ಟುನಿಟ್ಟಿನ ಸೂಚನೆ ನೀಡಲಾಗಿದೆ. ನಿಯೋಜಿತ ಅಧಿಕಾರಿಗಳು ಕರ್ತವ್ಯ ನಿರ್ವಹಿಸುವ ಸ್ಥಳದಲ್ಲಿ ಹಾಜರಿದ್ದು, ಮೇಲಧಿಕಾರಿಗಳ ಸೂಚನೆಯಂತೆ ಕಾರ್ಯನಿರ್ವಹಿಸಬೇಕು ಎಂದು ಜಿಲ್ಲಾಧಿಕಾರಿಗಳು ಆದೇಶದಲ್ಲಿ ತಿಳಿಸಿದ್ದಾರೆ.
IN THE COURT OF THE HONOURABLE PRINCIPAL
CIVIL JUDGE AND J.M.F.C.HOSAPETE
Cri.M.C.No:1967/2025
Iyli Guruswamy & others	...Petitioners
-vs-
The Municipal Commissioner -cum-Registrar of Birth& Deaths City Municipality, Hosapete,	... Respondent
To, Whom so ever it may concern.

WHEREAS the above named petitioners 1) Iyli Guruswamy son of Late Iyli Mallaiah, aged about 76 years, 2) Shivaram son of Late Iyli Mallaiah, aged about 72 years, 3) Thimmappa son of Late I Mallayya, aged about 63 years, 4) Padmavathi M N wife of Late M Neelakantappa, aged about 58 years, sinecure, R/o 35th Ward, Weavers colony, Hosapete, Vijayanagara district 5) Srinivasa son of Late I Mallayya, aged about 56 years, petitioner No.1 to 3 and 5 are resident of 19th Ward, Kurubara Oni, Hosapete, Vijayanagara district have filed the petition under section 13(3) of Registration of birth and death Act, seeking the direction of this court to issue direction to the respondent to enter the date of death of their mother IYLI DANAMMA wife of Late IYLI MALLAYYA who died on 02/07/1992 at her residence at Kurubara Oni,19th Ward, Hosapete.

WHEREAS, if any persons interested with respect to the above proceedings are hereby noticed to appear in this court in person or by pleader duly able to answer all material question relating to the said petition on 31/01/2026 at about 11-00 A.M, otherwise the matter will be heard and determined.

Given under my hand and seal of this court on this 30th day of Dece 2025.

From,
E.A.Keshava.
Advocate, Hosapete.
By order of the court.
Shirestedar
Principal Civil Judge &
JMFC Court Hosapete.
IN THE COURT OF THE HONOURABLE 2 ADDITIONAL
CIVIL JUDGE AND J.M.F.C.HOSAPETE
Cri.M.C.No:2000/2025
GIRIJAMMA & others	...Petitioners
-Vs-
The Municipal Commissioner -cum- Registrar of Birth& Deaths City Municipality, Hosapete,	...Respondent
To, Whom so ever it may concern.

WHEREAS the above named petitioners 1) Girijamma wife of Late Thippeswamy, aged about 40 years. 2) HT Ramesha son of Late Thippesamy aged 23 about years 3) H.Honnurswamy son of Late Thippewamy, aged about 19 years, 4)Keerthi D/o Late Thippeswamy, aged about 15 years, minor by guardian and mother Girijamma all are residents of Valmki Nagar, 23rd Ward, Kariganur, Hosapete taluk, Vijayanagara district have filed the petition under section 13(3) of Registration of birth and death Act seeking the direction of this court to issue direction to the respondent to enter the date of death of THIPPESWAMY son of Late THIMMANNA who died on 06/07/2023 at his residence at Kariganur, 23rd Ward, Hosapete, who is the husband of petitioner. No.1and father of petitioner No.2 to 4

WHEREAS, if any persons interested with respect to the above proceedings are hereby noticed to appear in this court in person or by pleader duly able to answer all material question relating to the said petition on 17/01/2026 at about 11-00 A.M, otherwise the Matter will be heard and determined.

Given under my hand and seal of this court on this 23rd day of 12/2025

From
H.Venkateshalu,
Advocate, Hosapete.
By order of the court.
Shirestedar
2nd Additional Civil Judge &
JMFC, Court Hosapete,
